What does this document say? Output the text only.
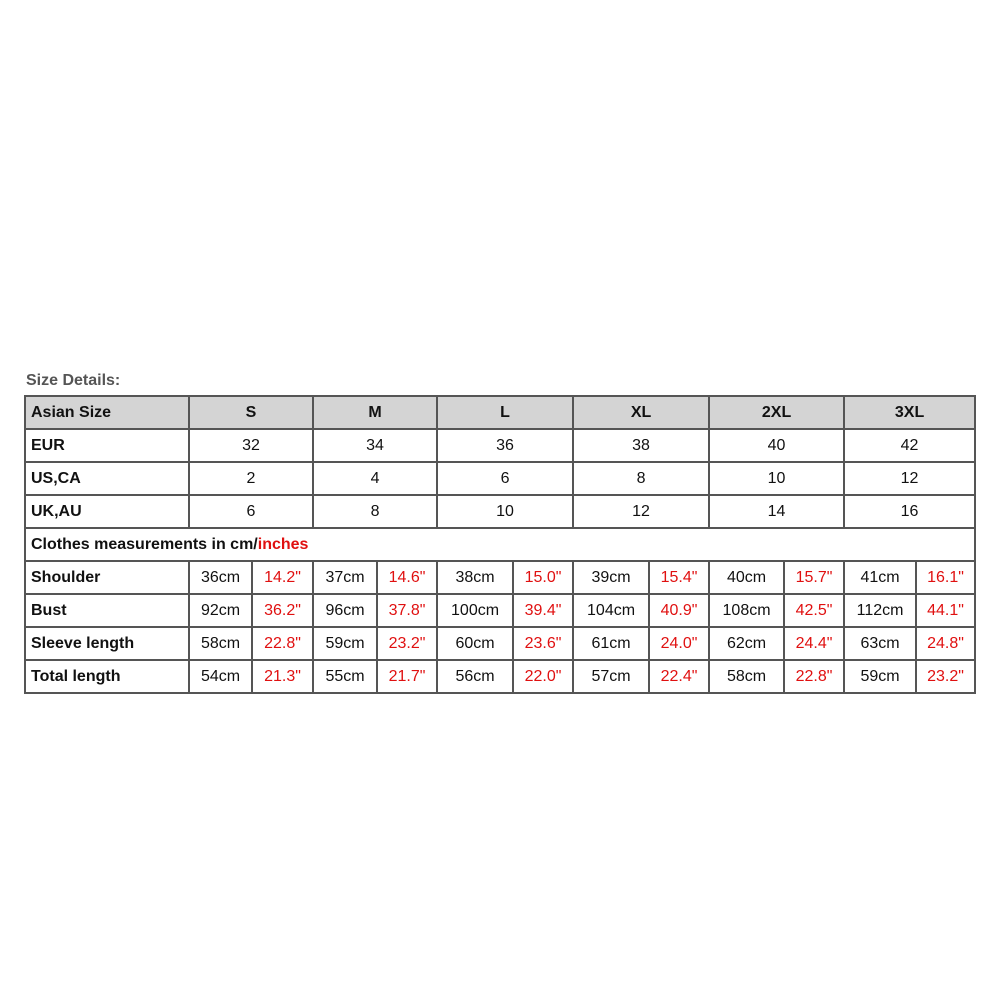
Size Details:
Asian Size	S		M		L		XL		2XL		3XL	
EUR	32		34		36		38		40		42	
US,CA	2		4		6		8		10		12	
UK,AU	6		8		10		12		14		16	
Clothes measurements in cm/inches												
Shoulder	36cm	14.2"	37cm	14.6"	38cm	15.0"	39cm	15.4"	40cm	15.7"	41cm	16.1"
Bust	92cm	36.2"	96cm	37.8"	100cm	39.4"	104cm	40.9"	108cm	42.5"	112cm	44.1"
Sleeve length	58cm	22.8"	59cm	23.2"	60cm	23.6"	61cm	24.0"	62cm	24.4"	63cm	24.8"
Total length	54cm	21.3"	55cm	21.7"	56cm	22.0"	57cm	22.4"	58cm	22.8"	59cm	23.2"
